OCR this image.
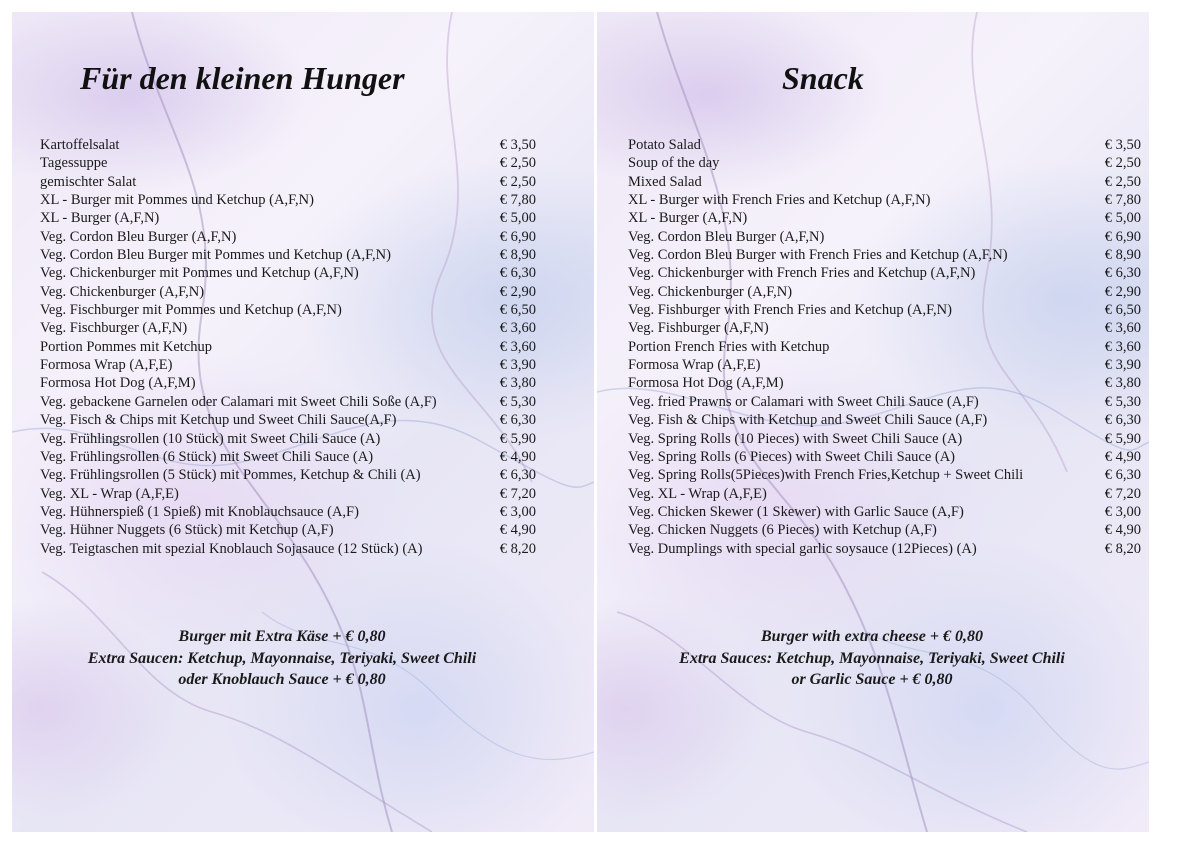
Für den kleinen Hunger
Kartoffelsalat	€ 3,50
Tagessuppe	€ 2,50
gemischter Salat	€ 2,50
XL - Burger mit Pommes und Ketchup (A,F,N)	€ 7,80
XL - Burger (A,F,N)	€ 5,00
Veg. Cordon Bleu Burger (A,F,N)	€ 6,90
Veg. Cordon Bleu Burger mit Pommes und Ketchup (A,F,N)	€ 8,90
Veg. Chickenburger mit Pommes und Ketchup (A,F,N)	€ 6,30
Veg. Chickenburger (A,F,N)	€ 2,90
Veg. Fischburger mit Pommes und Ketchup (A,F,N)	€ 6,50
Veg. Fischburger (A,F,N)	€ 3,60
Portion Pommes mit Ketchup	€ 3,60
Formosa Wrap (A,F,E)	€ 3,90
Formosa Hot Dog (A,F,M)	€ 3,80
Veg. gebackene Garnelen oder Calamari mit Sweet Chili Soße (A,F)	€ 5,30
Veg. Fisch & Chips mit Ketchup und Sweet Chili Sauce(A,F)	€ 6,30
Veg. Frühlingsrollen (10 Stück) mit Sweet Chili Sauce (A)	€ 5,90
Veg. Frühlingsrollen (6 Stück) mit Sweet Chili Sauce (A)	€ 4,90
Veg. Frühlingsrollen (5 Stück) mit Pommes, Ketchup & Chili (A)	€ 6,30
Veg. XL - Wrap (A,F,E)	€ 7,20
Veg. Hühnerspieß (1 Spieß) mit Knoblauchsauce (A,F)	€ 3,00
Veg. Hühner Nuggets (6 Stück) mit Ketchup (A,F)	€ 4,90
Veg. Teigtaschen mit spezial Knoblauch Sojasauce (12 Stück) (A)	€ 8,20
Burger mit Extra Käse + € 0,80
Extra Saucen: Ketchup, Mayonnaise, Teriyaki, Sweet Chili
oder Knoblauch Sauce + € 0,80
Snack
Potato Salad	€ 3,50
Soup of the day	€ 2,50
Mixed Salad	€ 2,50
XL - Burger with French Fries and Ketchup (A,F,N)	€ 7,80
XL - Burger (A,F,N)	€ 5,00
Veg. Cordon Bleu Burger (A,F,N)	€ 6,90
Veg. Cordon Bleu Burger with French Fries and Ketchup (A,F,N)	€ 8,90
Veg. Chickenburger with French Fries and Ketchup (A,F,N)	€ 6,30
Veg. Chickenburger (A,F,N)	€ 2,90
Veg. Fishburger with French Fries and Ketchup (A,F,N)	€ 6,50
Veg. Fishburger (A,F,N)	€ 3,60
Portion French Fries with Ketchup	€ 3,60
Formosa Wrap (A,F,E)	€ 3,90
Formosa Hot Dog (A,F,M)	€ 3,80
Veg. fried Prawns or Calamari with Sweet Chili Sauce (A,F)	€ 5,30
Veg. Fish & Chips with Ketchup and Sweet Chili Sauce (A,F)	€ 6,30
Veg. Spring Rolls (10 Pieces) with Sweet Chili Sauce (A)	€ 5,90
Veg. Spring Rolls (6 Pieces) with Sweet Chili Sauce (A)	€ 4,90
Veg. Spring Rolls(5Pieces)with French Fries,Ketchup + Sweet Chili	€ 6,30
Veg. XL - Wrap (A,F,E)	€ 7,20
Veg. Chicken Skewer (1 Skewer) with Garlic Sauce (A,F)	€ 3,00
Veg. Chicken Nuggets (6 Pieces) with Ketchup (A,F)	€ 4,90
Veg. Dumplings with special garlic soysauce (12Pieces) (A)	€ 8,20
Burger with extra cheese + € 0,80
Extra Sauces: Ketchup, Mayonnaise, Teriyaki, Sweet Chili
or Garlic Sauce + € 0,80
